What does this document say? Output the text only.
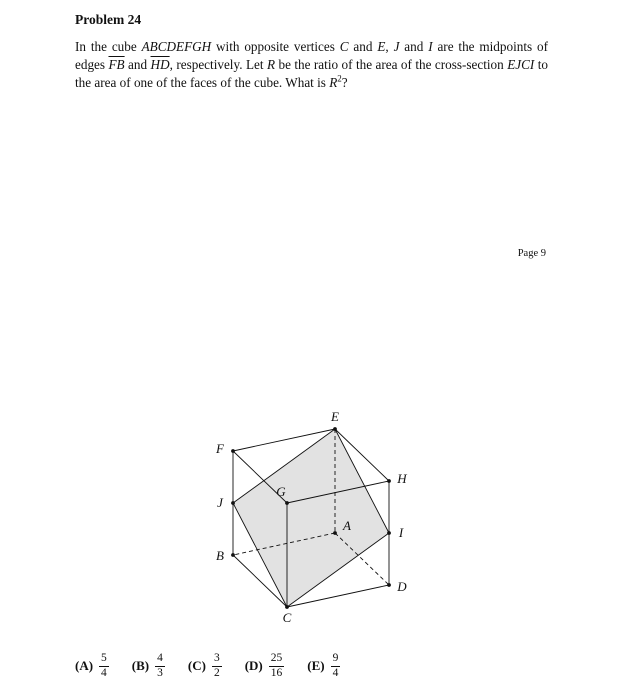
Problem 24

In the cube ABCDEFGH with opposite vertices C and E, J and I are the midpoints of edges $\overline{FB}$ and $\overline{HD}$, respectively. Let R be the ratio of the area of the cross-section EJCI to the area of one of the faces of the cube. What is $R^2$?

Page 9
E
F
H
G
J
A	I
B
D
C
$(A) \frac{5}{4} (B) \frac{4}{3} (C) \frac{3}{2} (D) \frac{25}{16} (E) \frac{9}{4}$
